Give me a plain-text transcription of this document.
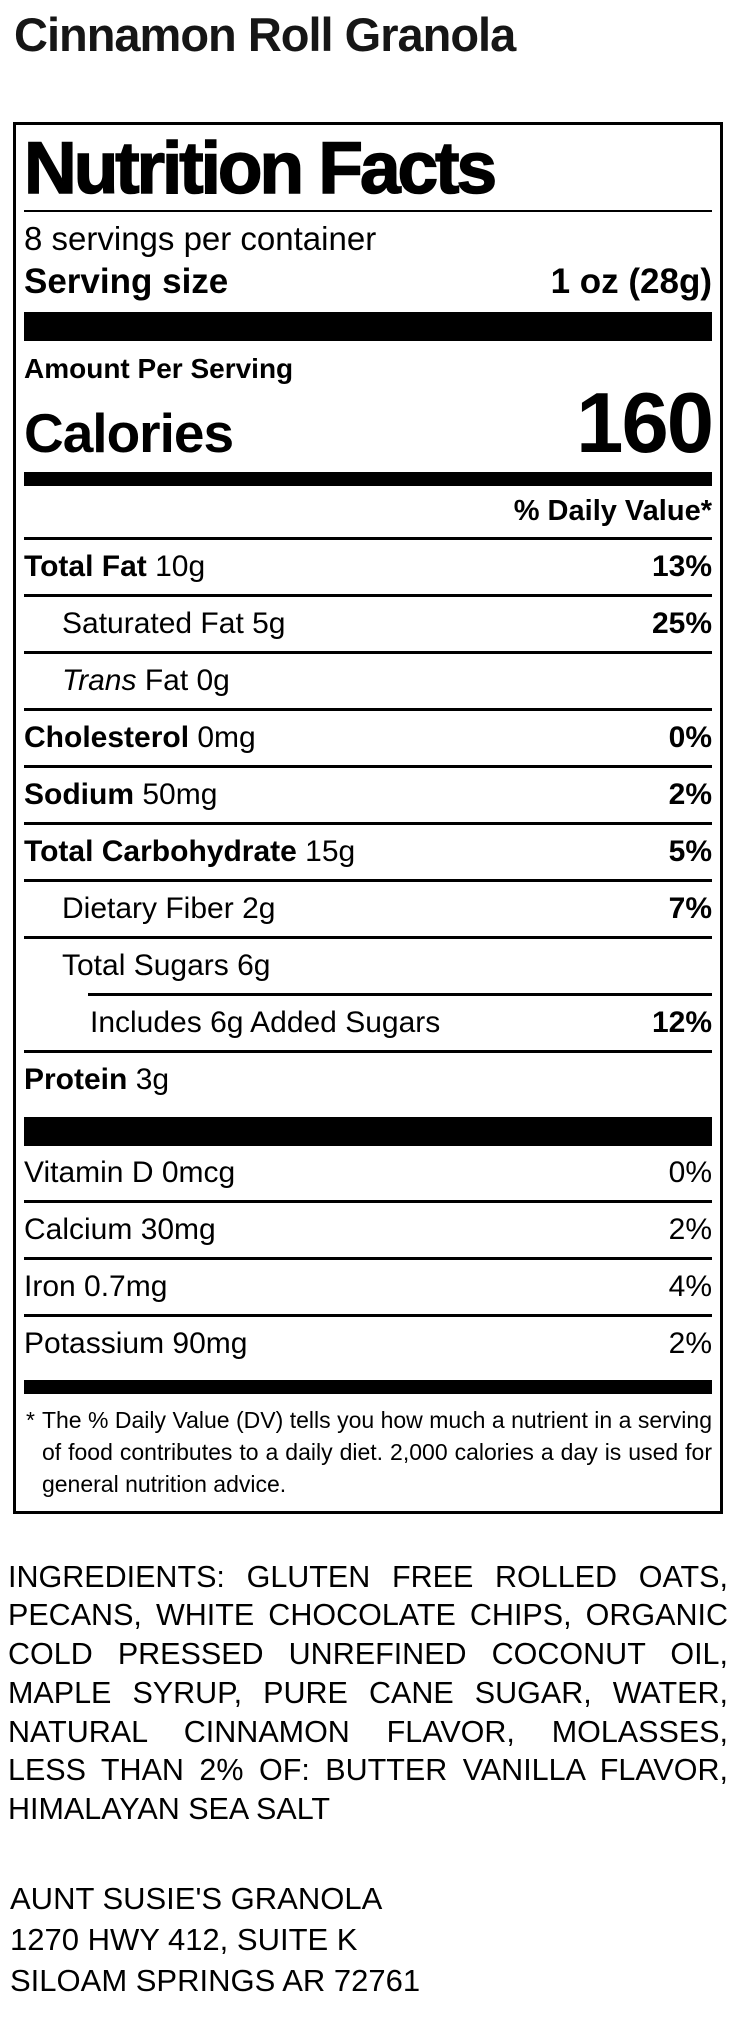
Cinnamon Roll Granola
Nutrition Facts
8 servings per container
Serving size	1 oz (28g)
Amount Per Serving
Calories	160
% Daily Value*
Total Fat 10g	13%
Saturated Fat 5g	25%
Trans Fat 0g
Cholesterol 0mg	0%
Sodium 50mg	2%
Total Carbohydrate 15g	5%
Dietary Fiber 2g	7%
Total Sugars 6g
Includes 6g Added Sugars	12%
Protein 3g
Vitamin D 0mcg	0%
Calcium 30mg	2%
Iron 0.7mg	4%
Potassium 90mg	2%
* The % Daily Value (DV) tells you how much a nutrient in a serving of food contributes to a daily diet. 2,000 calories a day is used for general nutrition advice.

INGREDIENTS: GLUTEN FREE ROLLED OATS, PECANS, WHITE CHOCOLATE CHIPS, ORGANIC COLD PRESSED UNREFINED COCONUT OIL, MAPLE SYRUP, PURE CANE SUGAR, WATER, NATURAL CINNAMON FLAVOR, MOLASSES, LESS THAN 2% OF: BUTTER VANILLA FLAVOR, HIMALAYAN SEA SALT

AUNT SUSIE'S GRANOLA
1270 HWY 412, SUITE K
SILOAM SPRINGS AR 72761
